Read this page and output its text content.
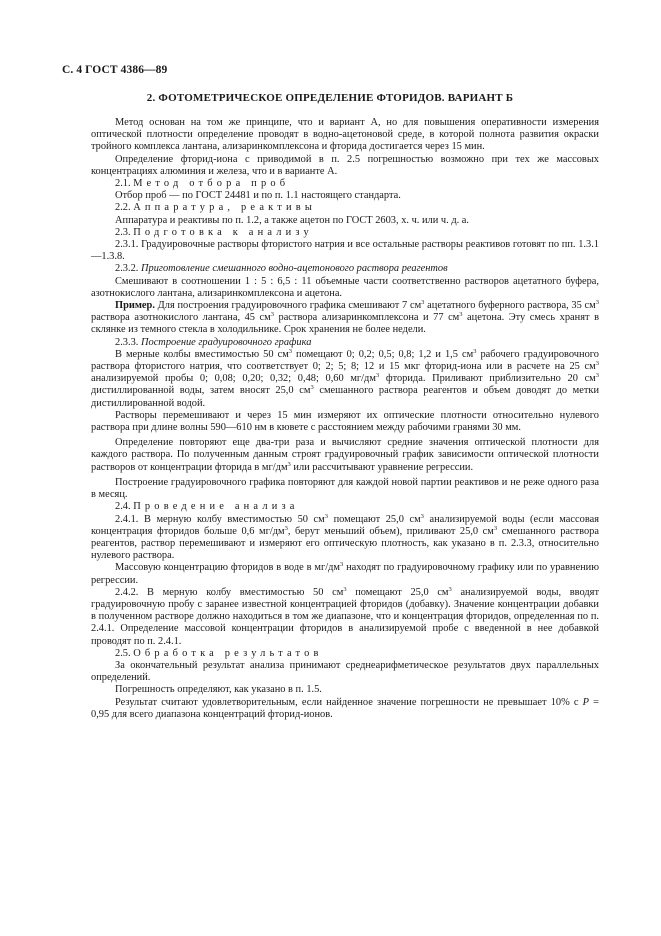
С. 4 ГОСТ 4386—89
2. ФОТОМЕТРИЧЕСКОЕ ОПРЕДЕЛЕНИЕ ФТОРИДОВ. ВАРИАНТ Б

Метод основан на том же принципе, что и вариант А, но для повышения оперативности измерения оптической плотности определение проводят в водно-ацетоновой среде, в которой полнота развития окраски тройного комплекса лантана, ализаринкомплексона и фторида достигается через 15 мин.

Определение фторид-иона с приводимой в п. 2.5 погрешностью возможно при тех же массовых концентрациях алюминия и железа, что и в варианте А.

2.1. Метод отбора проб

Отбор проб — по ГОСТ 24481 и по п. 1.1 настоящего стандарта.

2.2. Аппаратура, реактивы

Аппаратура и реактивы по п. 1.2, а также ацетон по ГОСТ 2603, х. ч. или ч. д. а.

2.3. Подготовка к анализу

2.3.1. Градуировочные растворы фтористого натрия и все остальные растворы реактивов готовят по пп. 1.3.1—1.3.8.

2.3.2. Приготовление смешанного водно-ацетонового раствора реагентов

Смешивают в соотношении 1 : 5 : 6,5 : 11 объемные части соответственно растворов ацетатного буфера, азотнокислого лантана, ализаринкомплексона и ацетона.

Пример. Для построения градуировочного графика смешивают 7 $см^3$ ацетатного буферного раствора, 35 $см^3$ раствора азотнокислого лантана, 45 $см^3$ раствора ализаринкомплексона и 77 $см^3$ ацетона. Эту смесь хранят в склянке из темного стекла в холодильнике. Срок хранения не более недели.

2.3.3. Построение градуировочного графика

В мерные колбы вместимостью 50 $см^3$ помещают 0; 0,2; 0,5; 0,8; 1,2 и 1,5 $см^3$ рабочего градуировочного раствора фтористого натрия, что соответствует 0; 2; 5; 8; 12 и 15 мкг фторид-иона или в расчете на 25 $см^3$ анализируемой пробы 0; 0,08; 0,20; 0,32; 0,48; 0,60 $мг/дм^3$ фторида. Приливают приблизительно 20 $см^3$ дистиллированной воды, затем вносят 25,0 $см^3$ смешанного раствора реагентов и объем доводят до метки дистиллированной водой.

Растворы перемешивают и через 15 мин измеряют их оптические плотности относительно нулевого раствора при длине волны 590—610 нм в кювете с расстоянием между рабочими гранями 30 мм.

Определение повторяют еще два-три раза и вычисляют средние значения оптической плотности для каждого раствора. По полученным данным строят градуировочный график зависимости оптической плотности растворов от концентрации фторида в $мг/дм^3$ или рассчитывают уравнение регрессии.

Построение градуировочного графика повторяют для каждой новой партии реактивов и не реже одного раза в месяц.

2.4. Проведение анализа

2.4.1. В мерную колбу вместимостью 50 $см^3$ помещают 25,0 $см^3$ анализируемой воды (если массовая концентрация фторидов больше 0,6 $мг/дм^3$, берут меньший объем), приливают 25,0 $см^3$ смешанного раствора реагентов, раствор перемешивают и измеряют его оптическую плотность, как указано в п. 2.3.3, относительно нулевого раствора.

Массовую концентрацию фторидов в воде в $мг/дм^3$ находят по градуировочному графику или по уравнению регрессии.

2.4.2. В мерную колбу вместимостью 50 $см^3$ помещают 25,0 $см^3$ анализируемой воды, вводят градуировочную пробу с заранее известной концентрацией фторидов (добавку). Значение концентрации добавки в полученном растворе должно находиться в том же диапазоне, что и концентрация фторидов, определенная по п. 2.4.1. Определение массовой концентрации фторидов в анализируемой пробе с введенной в нее добавкой проводят по п. 2.4.1.

2.5. Обработка результатов

За окончательный результат анализа принимают среднеарифметическое результатов двух параллельных определений.

Погрешность определяют, как указано в п. 1.5.

Результат считают удовлетворительным, если найденное значение погрешности не превышает 10% с P = 0,95 для всего диапазона концентраций фторид-ионов.
